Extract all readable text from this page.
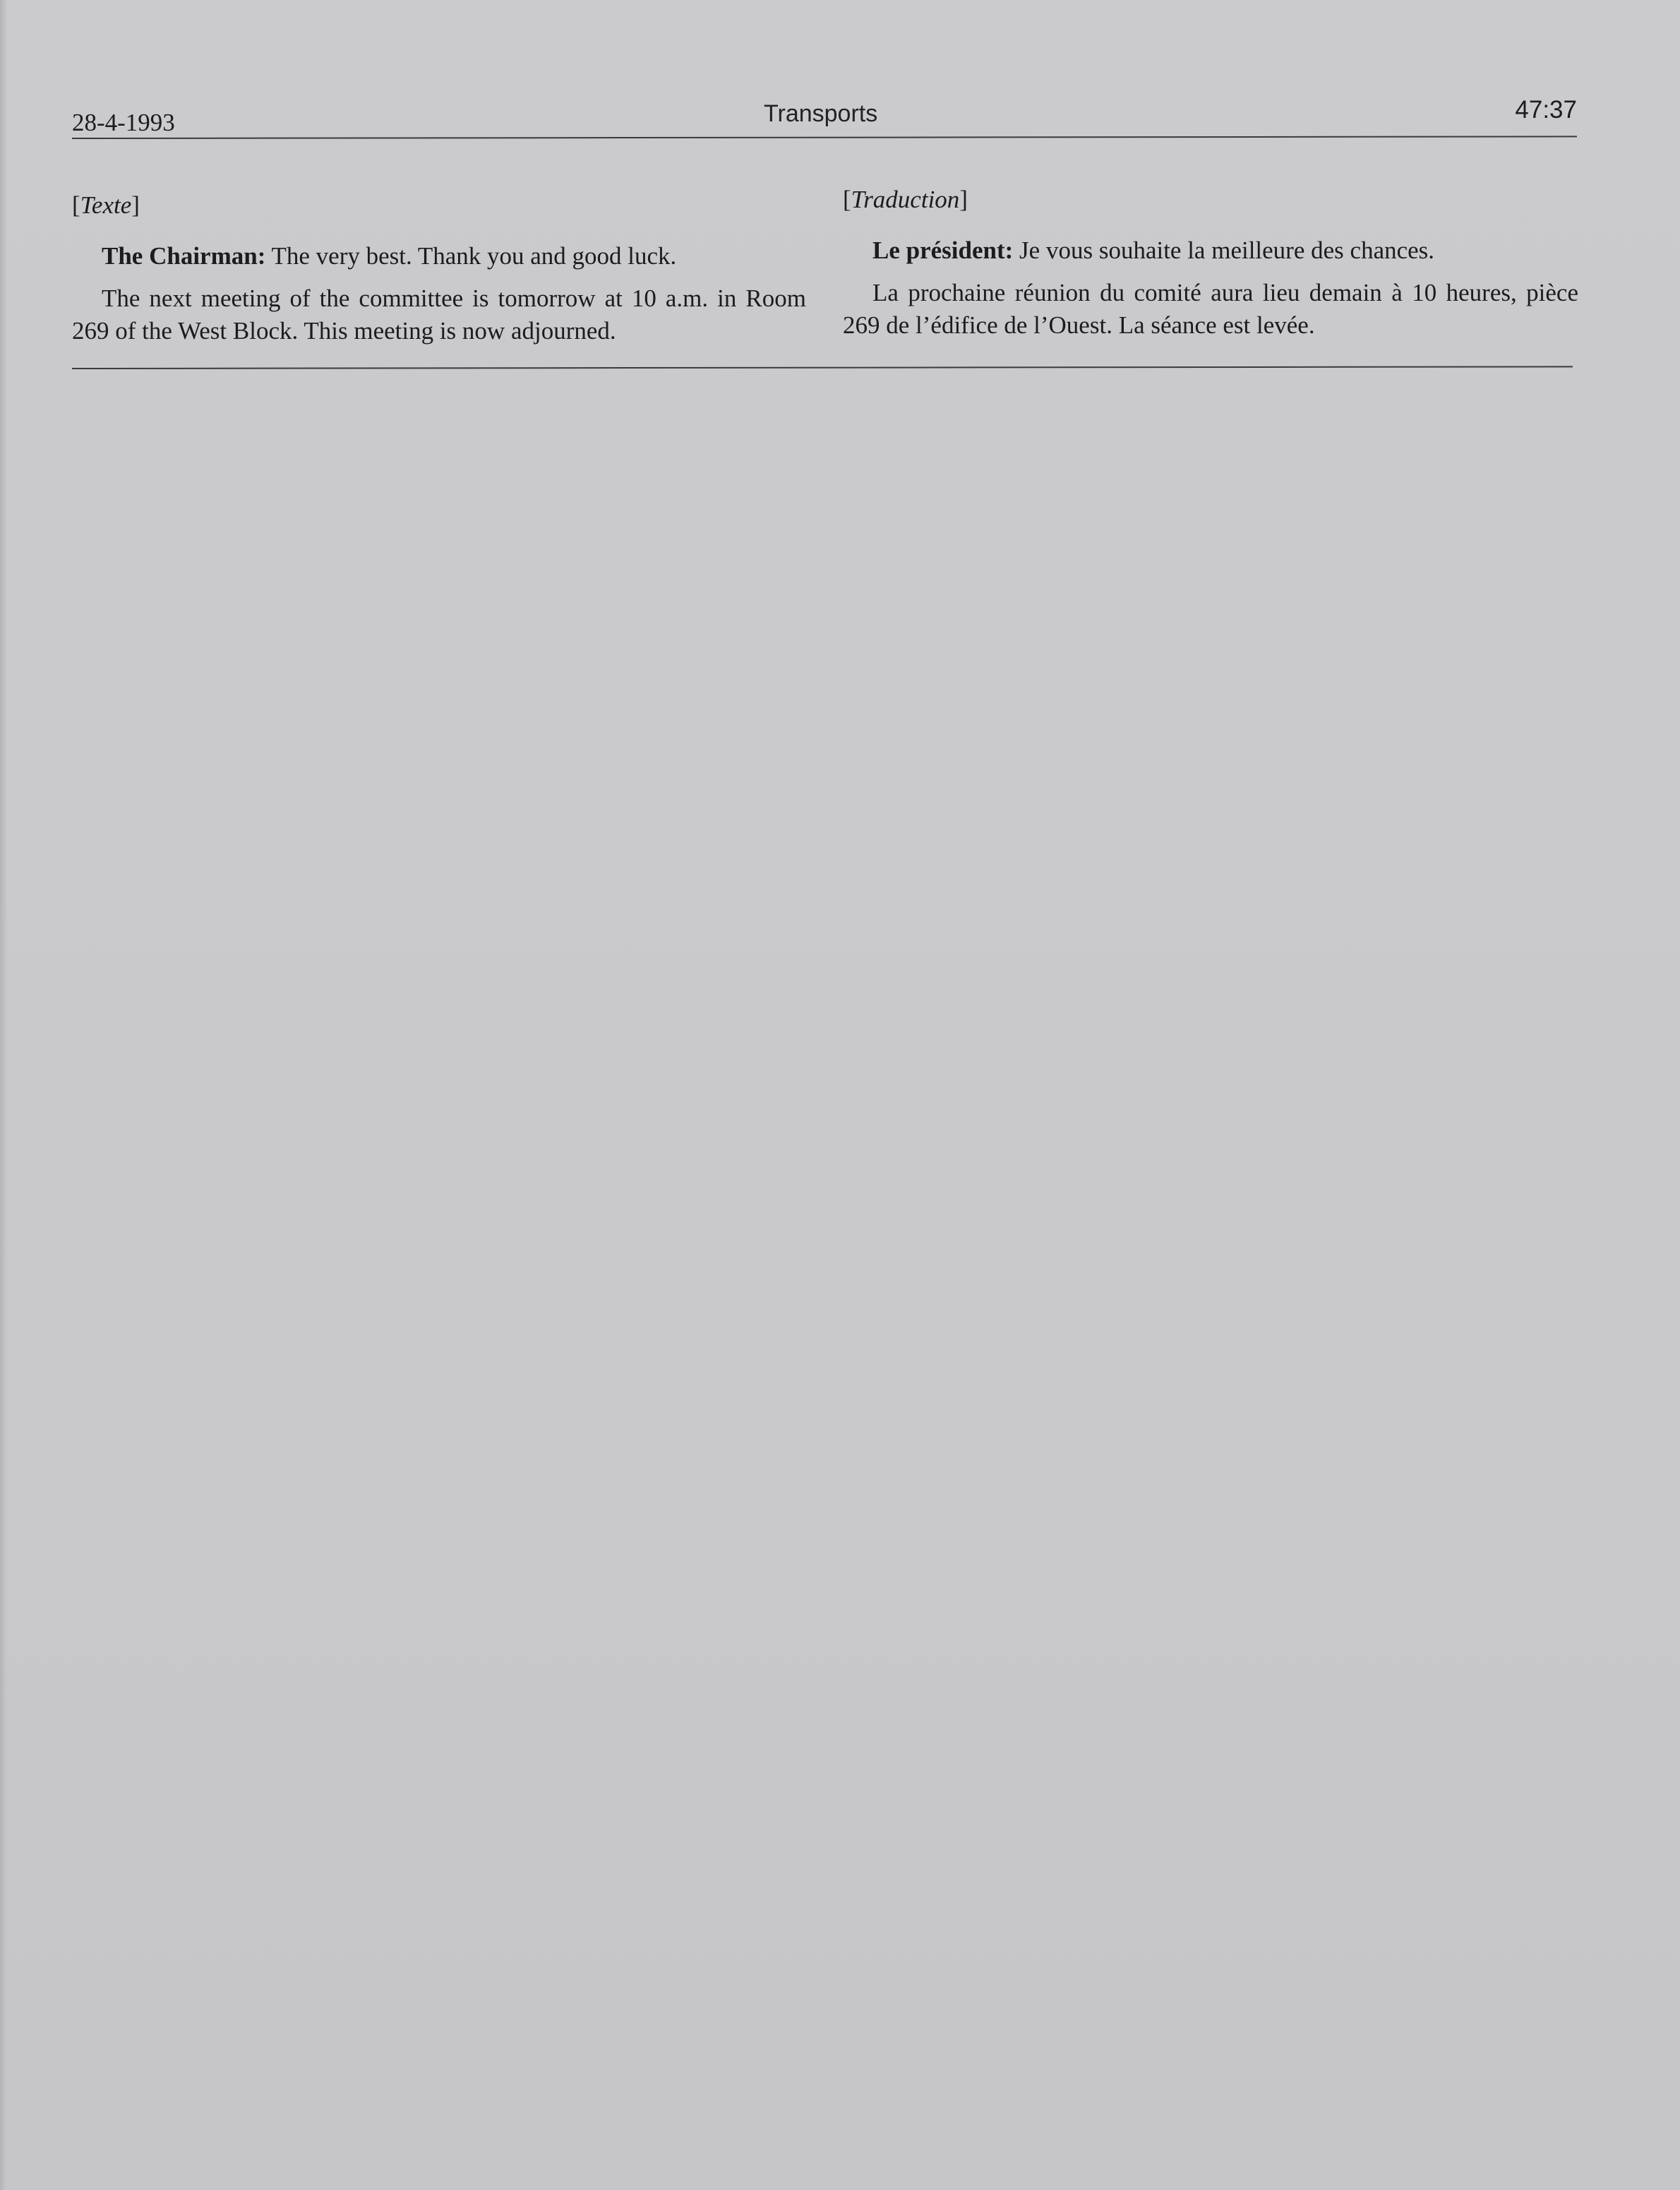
28-4-1993	Transports	47:37
[Texte]

The Chairman: The very best. Thank you and good luck.

The next meeting of the committee is tomorrow at 10 a.m. in Room 269 of the West Block. This meeting is now adjourned.

[Traduction]

Le président: Je vous souhaite la meilleure des chances.

La prochaine réunion du comité aura lieu demain à 10 heures, pièce 269 de l’édifice de l’Ouest. La séance est levée.
